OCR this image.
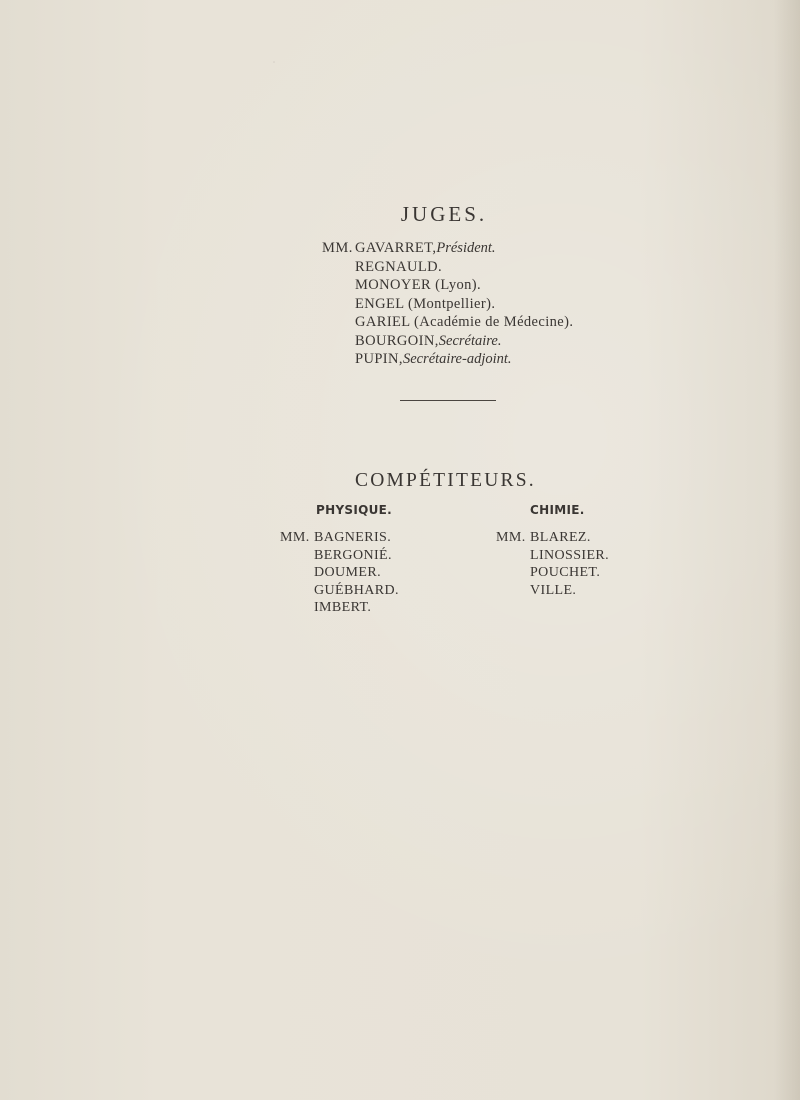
.
JUGES.
MM. GAVARRET, Président.
REGNAULD.
MONOYER (Lyon).
ENGEL (Montpellier).
GARIEL (Académie de Médecine).
BOURGOIN, Secrétaire.
PUPIN, Secrétaire-adjoint.
COMPÉTITEURS.
PHYSIQUE.	CHIMIE.
MM. BAGNERIS.
BERGONIÉ.
DOUMER.
GUÉBHARD.
IMBERT.
MM. BLAREZ.
LINOSSIER.
POUCHET.
VILLE.
